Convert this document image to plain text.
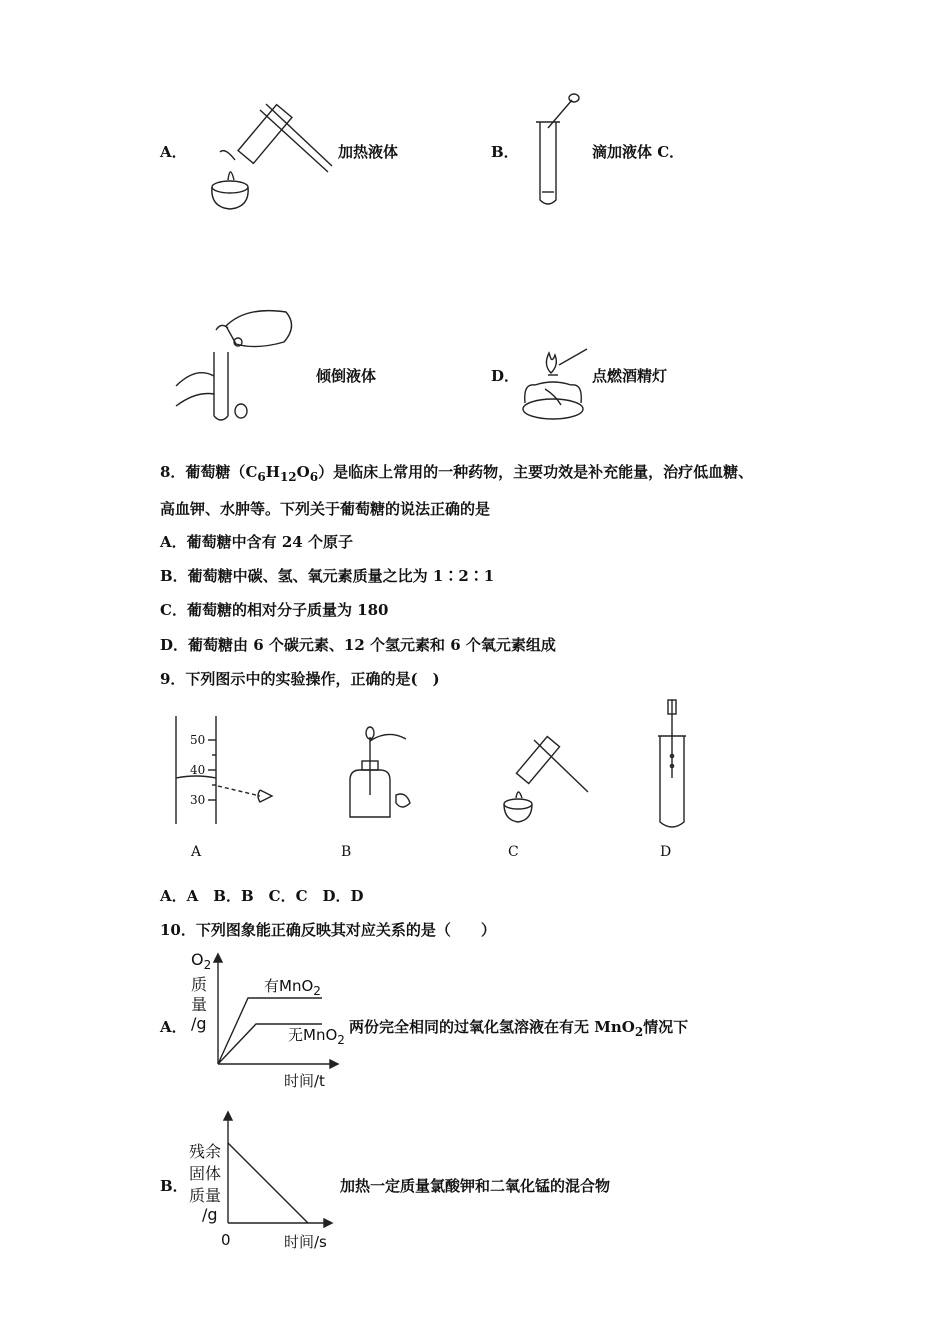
A．	加热液体	B．	滴加液体 C．
倾倒液体	D．	点燃酒精灯
8．葡萄糖$(C_6H_{12}O_6)$是临床上常用的一种药物，主要功效是补充能量，治疗低血糖、
高血钾、水肿等。下列关于葡萄糖的说法正确的是
A．葡萄糖中含有 24 个原子
B．葡萄糖中碳、氢、氧元素质量之比为 1∶2∶1
C．葡萄糖的相对分子质量为 180
D．葡萄糖由 6 个碳元素、12 个氢元素和 6 个氧元素组成
9．下列图示中的实验操作，正确的是(　)
50
40
30
A	B	C	D
A．A　B．B　C．C　D．D
10．下列图象能正确反映其对应关系的是（　　）
A．
$O_2$
质
量
/g
有MnO$_2$
无MnO$_2$
时间/t
两份完全相同的过氧化氢溶液在有无 MnO$_2$情况下
B．
残余
固体
质量
/g
0	时间/s
加热一定质量氯酸钾和二氧化锰的混合物
